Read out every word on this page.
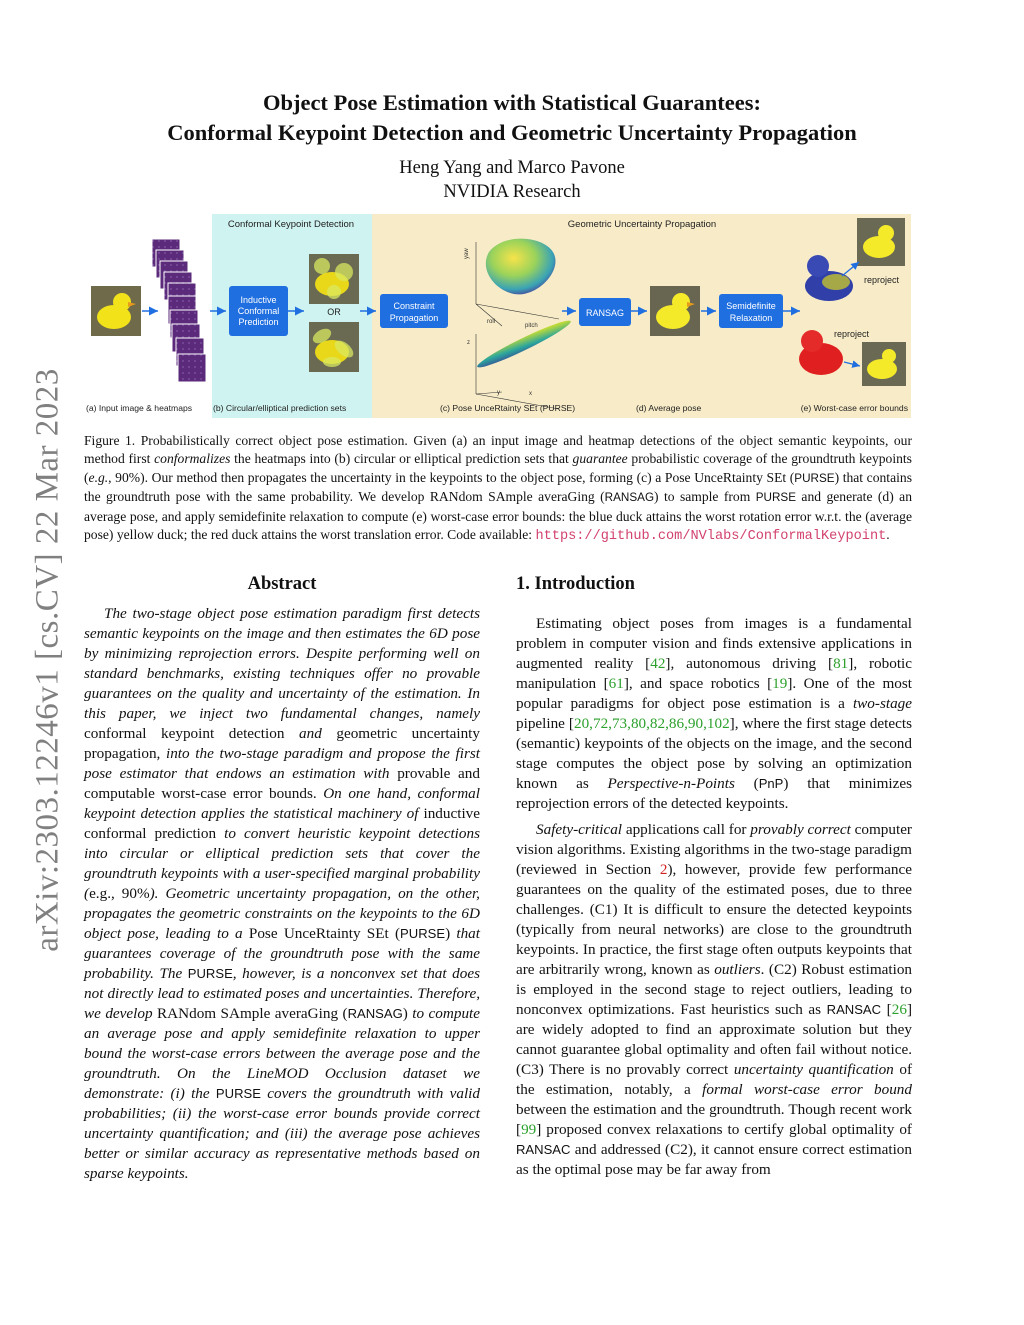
arXiv:2303.12246v1 [cs.CV] 22 Mar 2023
Object Pose Estimation with Statistical Guarantees:
Conformal Keypoint Detection and Geometric Uncertainty Propagation
Heng Yang and Marco Pavone
NVIDIA Research
Conformal Keypoint Detection	Geometric Uncertainty Propagation
Inductive
Conformal
Prediction
OR
Constraint
Propagation
yaw
roll
pitch
z
y	x
RANSAG
Semidefinite
Relaxation
reproject
reproject
(a) Input image & heatmaps (b) Circular/elliptical prediction sets	(c) Pose UnceRtainty SEt (PURSE)	(d) Average pose	(e) Worst-case error bounds
Figure 1. Probabilistically correct object pose estimation. Given (a) an input image and heatmap detections of the object semantic keypoints, our method first conformalizes the heatmaps into (b) circular or elliptical prediction sets that guarantee probabilistic coverage of the groundtruth keypoints (e.g., 90%). Our method then propagates the uncertainty in the keypoints to the object pose, forming (c) a Pose UnceRtainty SEt (PURSE) that contains the groundtruth pose with the same probability. We develop RANdom SAmple averaGing (RANSAG) to sample from PURSE and generate (d) an average pose, and apply semidefinite relaxation to compute (e) worst-case error bounds: the blue duck attains the worst rotation error w.r.t. the (average pose) yellow duck; the red duck attains the worst translation error. Code available: https://github.com/NVlabs/ConformalKeypoint.
Abstract

The two-stage object pose estimation paradigm first detects semantic keypoints on the image and then estimates the 6D pose by minimizing reprojection errors. Despite performing well on standard benchmarks, existing techniques offer no provable guarantees on the quality and uncertainty of the estimation. In this paper, we inject two fundamental changes, namely conformal keypoint detection and geometric uncertainty propagation, into the two-stage paradigm and propose the first pose estimator that endows an estimation with provable and computable worst-case error bounds. On one hand, conformal keypoint detection applies the statistical machinery of inductive conformal prediction to convert heuristic keypoint detections into circular or elliptical prediction sets that cover the groundtruth keypoints with a user-specified marginal probability (e.g., 90%). Geometric uncertainty propagation, on the other, propagates the geometric constraints on the keypoints to the 6D object pose, leading to a Pose UnceRtainty SEt (PURSE) that guarantees coverage of the groundtruth pose with the same probability. The PURSE, however, is a nonconvex set that does not directly lead to estimated poses and uncertainties. Therefore, we develop RANdom SAmple averaGing (RANSAG) to compute an average pose and apply semidefinite relaxation to upper bound the worst-case errors between the average pose and the groundtruth. On the LineMOD Occlusion dataset we demonstrate: (i) the PURSE covers the groundtruth with valid probabilities; (ii) the worst-case error bounds provide correct uncertainty quantification; and (iii) the average pose achieves better or similar accuracy as representative methods based on sparse keypoints.

1. Introduction

Estimating object poses from images is a fundamental problem in computer vision and finds extensive applications in augmented reality [42], autonomous driving [81], robotic manipulation [61], and space robotics [19]. One of the most popular paradigms for object pose estimation is a two-stage pipeline [20,72,73,80,82,86,90,102], where the first stage detects (semantic) keypoints of the objects on the image, and the second stage computes the object pose by solving an optimization known as Perspective-n-Points (PnP) that minimizes reprojection errors of the detected keypoints.

Safety-critical applications call for provably correct computer vision algorithms. Existing algorithms in the two-stage paradigm (reviewed in Section 2), however, provide few performance guarantees on the quality of the estimated poses, due to three challenges. (C1) It is difficult to ensure the detected keypoints (typically from neural networks) are close to the groundtruth keypoints. In practice, the first stage often outputs keypoints that are arbitrarily wrong, known as outliers. (C2) Robust estimation is employed in the second stage to reject outliers, leading to nonconvex optimizations. Fast heuristics such as RANSAC [26] are widely adopted to find an approximate solution but they cannot guarantee global optimality and often fail without notice. (C3) There is no provably correct uncertainty quantification of the estimation, notably, a formal worst-case error bound between the estimation and the groundtruth. Though recent work [99] proposed convex relaxations to certify global optimality of RANSAC and addressed (C2), it cannot ensure correct estimation as the optimal pose may be far away from
